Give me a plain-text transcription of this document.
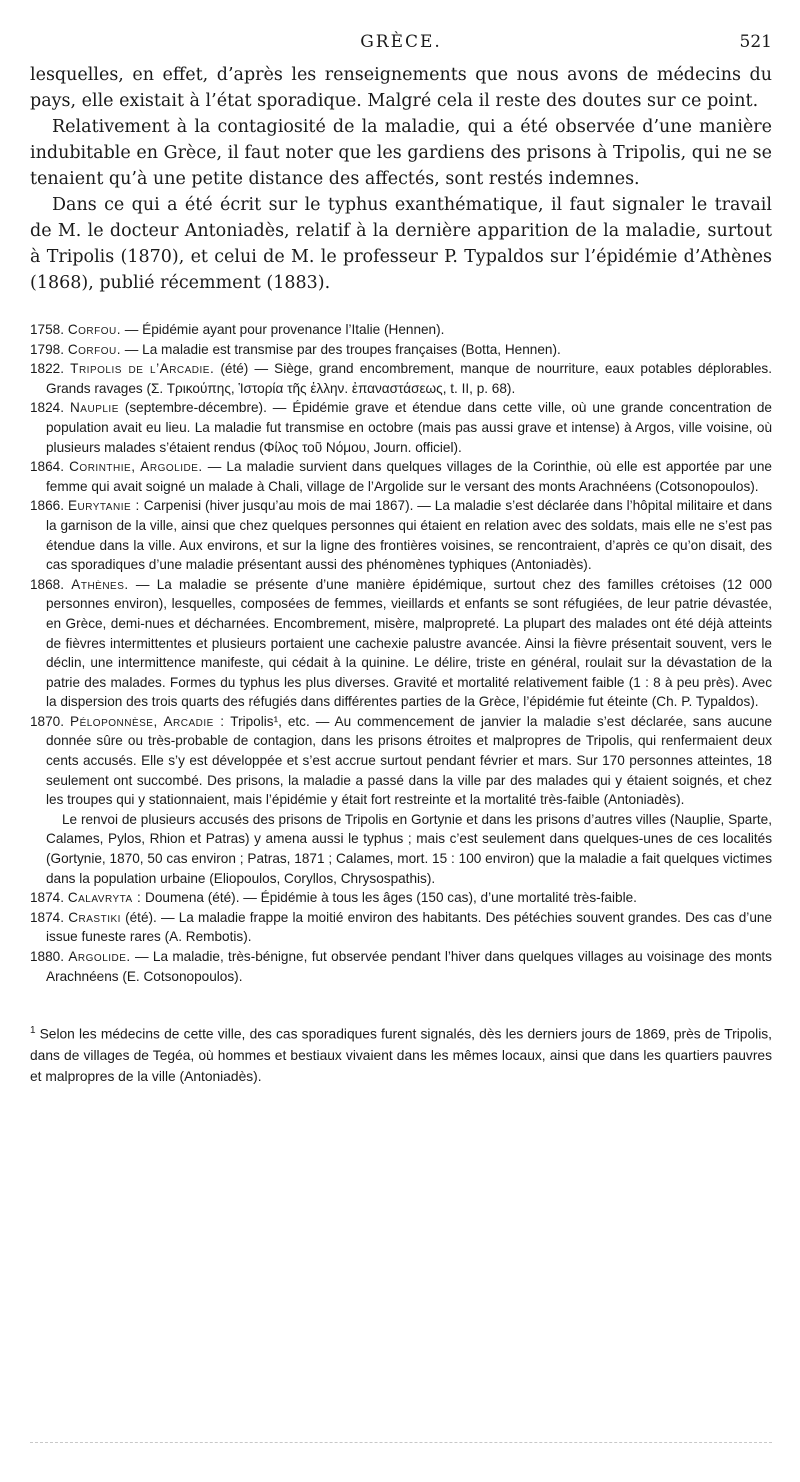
GRÈCE.	521

lesquelles, en effet, d’après les renseignements que nous avons de médecins du pays, elle existait à l’état sporadique. Malgré cela il reste des doutes sur ce point.

Relativement à la contagiosité de la maladie, qui a été observée d’une manière indubitable en Grèce, il faut noter que les gardiens des prisons à Tripolis, qui ne se tenaient qu’à une petite distance des affectés, sont restés indemnes.

Dans ce qui a été écrit sur le typhus exanthématique, il faut signaler le travail de M. le docteur Antoniadès, relatif à la dernière apparition de la maladie, surtout à Tripolis (1870), et celui de M. le professeur P. Typaldos sur l’épidémie d’Athènes (1868), publié récemment (1883).

1758. Corfou. — Épidémie ayant pour provenance l’Italie (Hennen).

1798. Corfou. — La maladie est transmise par des troupes françaises (Botta, Hennen).

1822. Tripolis de l’Arcadie. (été) — Siège, grand encombrement, manque de nourriture, eaux potables déplorables. Grands ravages (Σ. Τρικούπης, Ἱστορία τῆς ἑλλην. ἐπαναστάσεως, t. II, p. 68).

1824. Nauplie (septembre-décembre). — Épidémie grave et étendue dans cette ville, où une grande concentration de population avait eu lieu. La maladie fut transmise en octobre (mais pas aussi grave et intense) à Argos, ville voisine, où plusieurs malades s’étaient rendus (Φίλος τοῦ Νόμου, Journ. officiel).

1864. Corinthie, Argolide. — La maladie survient dans quelques villages de la Corinthie, où elle est apportée par une femme qui avait soigné un malade à Chali, village de l’Argolide sur le versant des monts Arachnéens (Cotsonopoulos).

1866. Eurytanie : Carpenisi (hiver jusqu’au mois de mai 1867). — La maladie s’est déclarée dans l’hôpital militaire et dans la garnison de la ville, ainsi que chez quelques personnes qui étaient en relation avec des soldats, mais elle ne s’est pas étendue dans la ville. Aux environs, et sur la ligne des frontières voisines, se rencontraient, d’après ce qu’on disait, des cas sporadiques d’une maladie présentant aussi des phénomènes typhiques (Antoniadès).

1868. Athènes. — La maladie se présente d’une manière épidémique, surtout chez des familles crétoises (12 000 personnes environ), lesquelles, composées de femmes, vieillards et enfants se sont réfugiées, de leur patrie dévastée, en Grèce, demi-nues et décharnées. Encombrement, misère, malpropreté. La plupart des malades ont été déjà atteints de fièvres intermittentes et plusieurs portaient une cachexie palustre avancée. Ainsi la fièvre présentait souvent, vers le déclin, une intermittence manifeste, qui cédait à la quinine. Le délire, triste en général, roulait sur la dévastation de la patrie des malades. Formes du typhus les plus diverses. Gravité et mortalité relativement faible (1 : 8 à peu près). Avec la dispersion des trois quarts des réfugiés dans différentes parties de la Grèce, l’épidémie fut éteinte (Ch. P. Typaldos).

1870. Péloponnèse, Arcadie : Tripolis¹, etc. — Au commencement de janvier la maladie s’est déclarée, sans aucune donnée sûre ou très-probable de contagion, dans les prisons étroites et malpropres de Tripolis, qui renfermaient deux cents accusés. Elle s’y est développée et s’est accrue surtout pendant février et mars. Sur 170 personnes atteintes, 18 seulement ont succombé. Des prisons, la maladie a passé dans la ville par des malades qui y étaient soignés, et chez les troupes qui y stationnaient, mais l’épidémie y était fort restreinte et la mortalité très-faible (Antoniadès).

Le renvoi de plusieurs accusés des prisons de Tripolis en Gortynie et dans les prisons d’autres villes (Nauplie, Sparte, Calames, Pylos, Rhion et Patras) y amena aussi le typhus ; mais c’est seulement dans quelques-unes de ces localités (Gortynie, 1870, 50 cas environ ; Patras, 1871 ; Calames, mort. 15 : 100 environ) que la maladie a fait quelques victimes dans la population urbaine (Eliopoulos, Coryllos, Chrysospathis).

1874. Calavryta : Doumena (été). — Épidémie à tous les âges (150 cas), d’une mortalité très-faible.

1874. Crastiki (été). — La maladie frappe la moitié environ des habitants. Des pétéchies souvent grandes. Des cas d’une issue funeste rares (A. Rembotis).

1880. Argolide. — La maladie, très-bénigne, fut observée pendant l’hiver dans quelques villages au voisinage des monts Arachnéens (E. Cotsonopoulos).

$^1$ Selon les médecins de cette ville, des cas sporadiques furent signalés, dès les derniers jours de 1869, près de Tripolis, dans de villages de Tegéa, où hommes et bestiaux vivaient dans les mêmes locaux, ainsi que dans les quartiers pauvres et malpropres de la ville (Antoniadès).
